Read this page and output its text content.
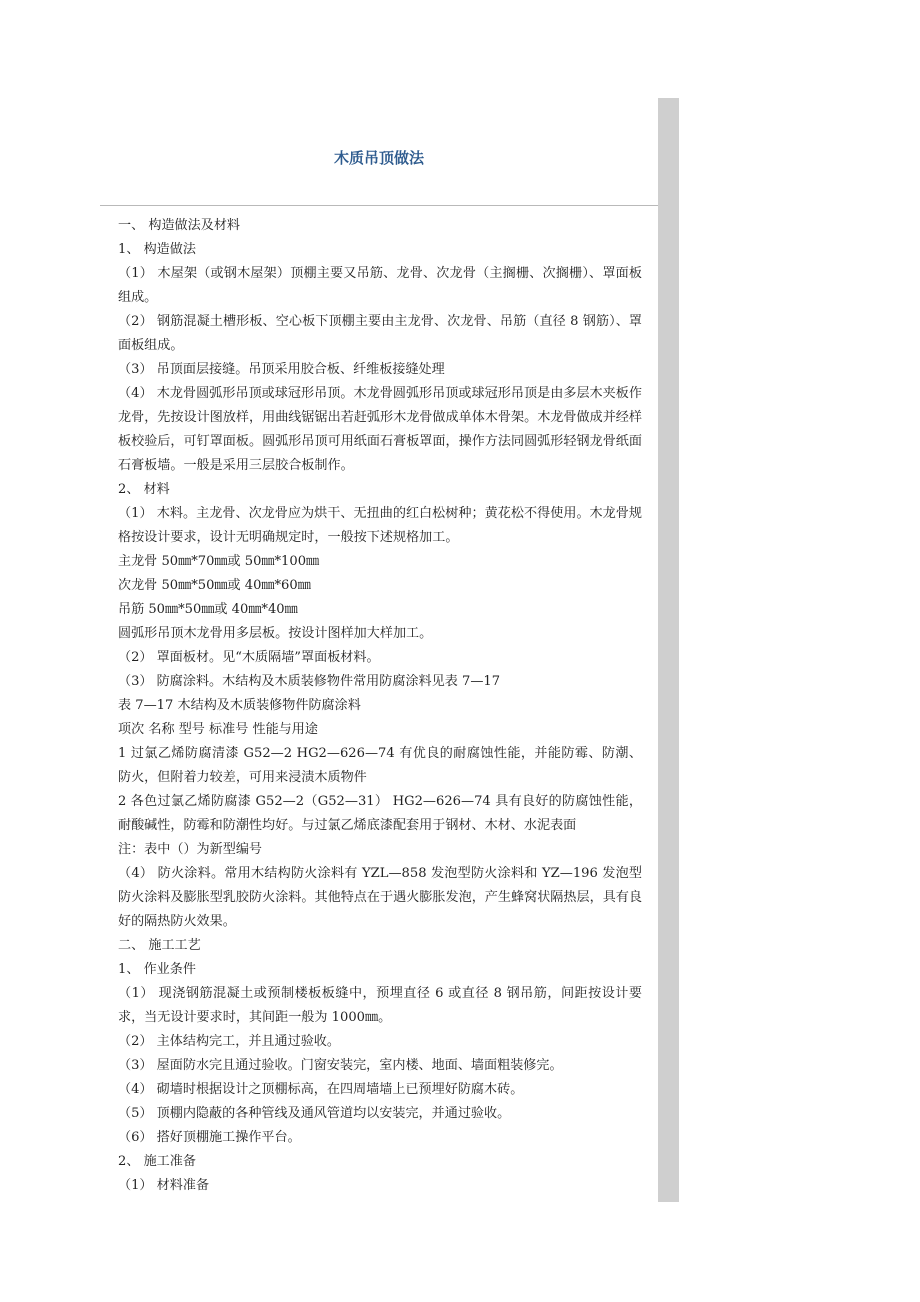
木质吊顶做法

一、 构造做法及材料

1、 构造做法

（1） 木屋架（或钢木屋架）顶棚主要又吊筋、龙骨、次龙骨（主搁栅、次搁栅）、罩面板组成。

（2） 钢筋混凝土槽形板、空心板下顶棚主要由主龙骨、次龙骨、吊筋（直径 8 钢筋）、罩面板组成。

（3） 吊顶面层接缝。吊顶采用胶合板、纤维板接缝处理

（4） 木龙骨圆弧形吊顶或球冠形吊顶。木龙骨圆弧形吊顶或球冠形吊顶是由多层木夹板作龙骨，先按设计图放样，用曲线锯锯出若赶弧形木龙骨做成单体木骨架。木龙骨做成并经样板校验后，可钉罩面板。圆弧形吊顶可用纸面石膏板罩面，操作方法同圆弧形轻钢龙骨纸面石膏板墙。一般是采用三层胶合板制作。

2、 材料

（1） 木料。主龙骨、次龙骨应为烘干、无扭曲的红白松树种；黄花松不得使用。木龙骨规格按设计要求，设计无明确规定时，一般按下述规格加工。

主龙骨 50㎜*70㎜或 50㎜*100㎜

次龙骨 50㎜*50㎜或 40㎜*60㎜

吊筋 50㎜*50㎜或 40㎜*40㎜

圆弧形吊顶木龙骨用多层板。按设计图样加大样加工。

（2） 罩面板材。见“木质隔墙”罩面板材料。

（3） 防腐涂料。木结构及木质装修物件常用防腐涂料见表 7—17

表 7—17 木结构及木质装修物件防腐涂料

项次 名称 型号 标准号 性能与用途

1 过氯乙烯防腐清漆 G52—2 HG2—626—74 有优良的耐腐蚀性能，并能防霉、防潮、防火，但附着力较差，可用来浸渍木质物件

2 各色过氯乙烯防腐漆 G52—2（G52—31） HG2—626—74 具有良好的防腐蚀性能，耐酸碱性，防霉和防潮性均好。与过氯乙烯底漆配套用于钢材、木材、水泥表面

注：表中（）为新型编号

（4） 防火涂料。常用木结构防火涂料有 YZL—858 发泡型防火涂料和 YZ—196 发泡型防火涂料及膨胀型乳胶防火涂料。其他特点在于遇火膨胀发泡，产生蜂窝状隔热层，具有良好的隔热防火效果。

二、 施工工艺

1、 作业条件

（1） 现浇钢筋混凝土或预制楼板板缝中，预埋直径 6 或直径 8 钢吊筋，间距按设计要求，当无设计要求时，其间距一般为 1000㎜。

（2） 主体结构完工，并且通过验收。

（3） 屋面防水完且通过验收。门窗安装完，室内楼、地面、墙面粗装修完。

（4） 砌墙时根据设计之顶棚标高，在四周墙墙上已预埋好防腐木砖。

（5） 顶棚内隐蔽的各种管线及通风管道均以安装完，并通过验收。

（6） 搭好顶棚施工操作平台。

2、 施工准备

（1） 材料准备
